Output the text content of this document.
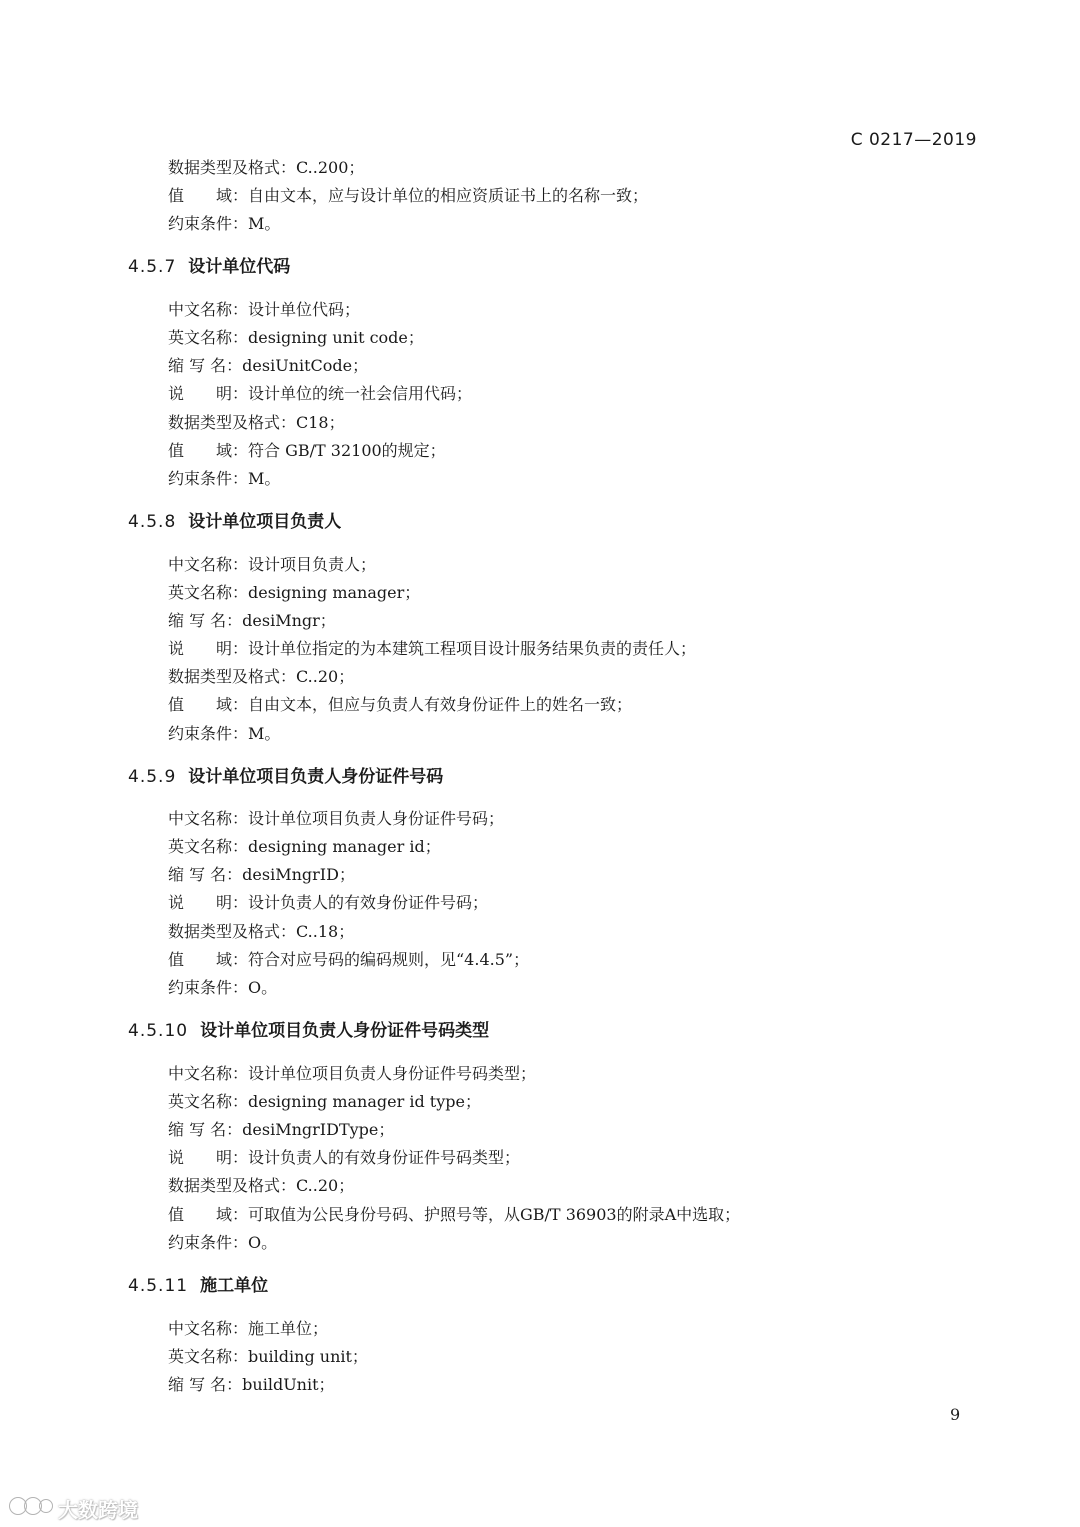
C 0217—2019
数据类型及格式：C..200；
值　　域：自由文本，应与设计单位的相应资质证书上的名称一致；
约束条件：M。
4.5.7 设计单位代码
中文名称：设计单位代码；
英文名称：designing unit code；
缩 写 名：desiUnitCode；
说　　明：设计单位的统一社会信用代码；
数据类型及格式：C18；
值　　域：符合 GB/T 32100的规定；
约束条件：M。
4.5.8 设计单位项目负责人
中文名称：设计项目负责人；
英文名称：designing manager；
缩 写 名：desiMngr；
说　　明：设计单位指定的为本建筑工程项目设计服务结果负责的责任人；
数据类型及格式：C..20；
值　　域：自由文本，但应与负责人有效身份证件上的姓名一致；
约束条件：M。
4.5.9 设计单位项目负责人身份证件号码
中文名称：设计单位项目负责人身份证件号码；
英文名称：designing manager id；
缩 写 名：desiMngrID；
说　　明：设计负责人的有效身份证件号码；
数据类型及格式：C..18；
值　　域：符合对应号码的编码规则，见“4.4.5”；
约束条件：O。
4.5.10 设计单位项目负责人身份证件号码类型
中文名称：设计单位项目负责人身份证件号码类型；
英文名称：designing manager id type；
缩 写 名：desiMngrIDType；
说　　明：设计负责人的有效身份证件号码类型；
数据类型及格式：C..20；
值　　域：可取值为公民身份号码、护照号等，从GB/T 36903的附录A中选取；
约束条件：O。
4.5.11 施工单位
中文名称：施工单位；
英文名称：building unit；
缩 写 名：buildUnit；
9
大数跨境
